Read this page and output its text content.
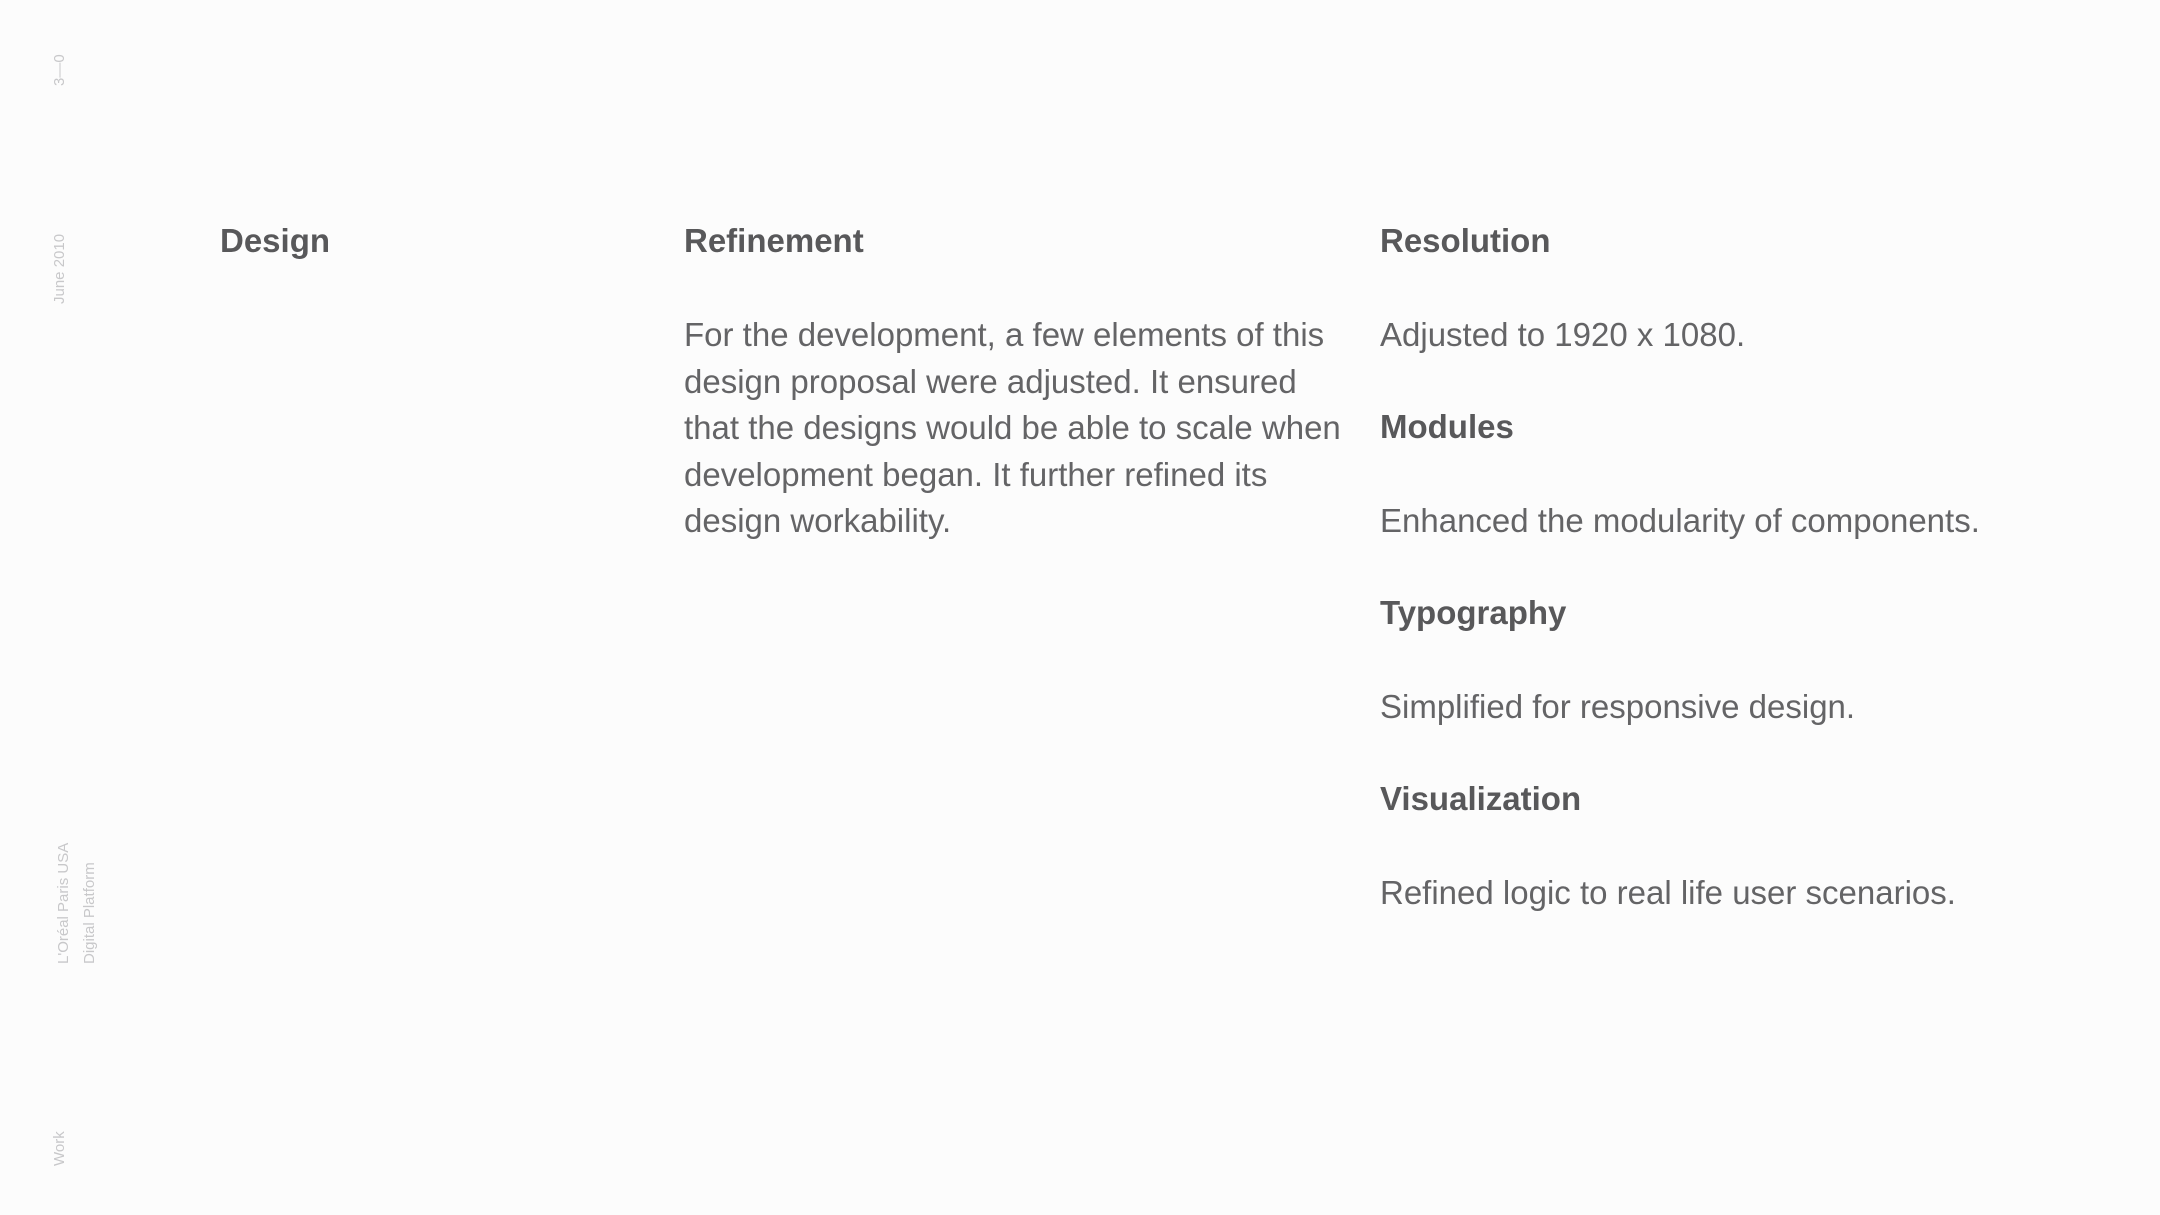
3—0
June 2010
L'Oréal Paris USA Digital Platform
Work
Design	Refinement

For the development, a few elements of this design proposal were adjusted. It ensured that the designs would be able to scale when development began. It further refined its design workability.

Resolution

Adjusted to 1920 x 1080.

Modules

Enhanced the modularity of components.

Typography

Simplified for responsive design.

Visualization

Refined logic to real life user scenarios.
